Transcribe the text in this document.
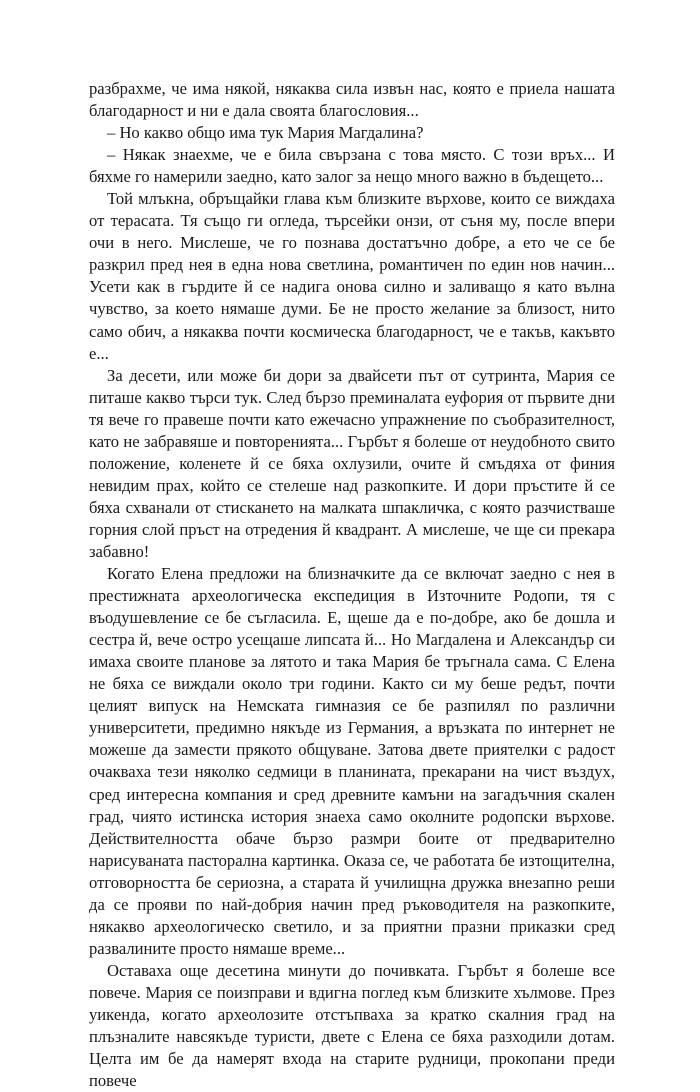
разбрахме, че има някой, някаква сила извън нас, която е приела нашата благодарност и ни е дала своята благословия...

– Но какво общо има тук Мария Магдалина?

– Някак знаехме, че е била свързана с това място. С този връх... И бяхме го намерили заедно, като залог за нещо много важно в бъдещето...

Той млъкна, обръщайки глава към близките върхове, които се виждаха от терасата. Тя също ги огледа, търсейки онзи, от съня му, после впери очи в него. Мислеше, че го познава достатъчно добре, а ето че се бе разкрил пред нея в една нова светлина, романтичен по един нов начин... Усети как в гърдите й се надига онова силно и заливащо я като вълна чувство, за което нямаше думи. Бе не просто желание за близост, нито само обич, а някаква почти космическа благодарност, че е такъв, какъвто е...

За десети, или може би дори за двайсети път от сутринта, Мария се питаше какво търси тук. След бързо преминалата еуфория от първите дни тя вече го правеше почти като ежечасно упражнение по съобразителност, като не забравяше и повторенията... Гърбът я болеше от неудобното свито положение, коленете й се бяха охлузили, очите й смъдяха от финия невидим прах, който се стелеше над разкопките. И дори пръстите й се бяха схванали от стискането на малката шпакличка, с която разчистваше горния слой пръст на отредения й квадрант. А мислеше, че ще си прекара забавно!

Когато Елена предложи на близначките да се включат заедно с нея в престижната археологическа експедиция в Източните Родопи, тя с въодушевление се бе съгласила. Е, щеше да е по-добре, ако бе дошла и сестра й, вече остро усещаше липсата й... Но Магдалена и Александър си имаха своите планове за лятото и така Мария бе тръгнала сама. С Елена не бяха се виждали около три години. Както си му беше редът, почти целият випуск на Немската гимназия се бе разпилял по различни университети, предимно някъде из Германия, а връзката по интернет не можеше да замести прякото общуване. Затова двете приятелки с радост очакваха тези няколко седмици в планината, прекарани на чист въздух, сред интересна компания и сред древните камъни на загадъчния скален град, чиято истинска история знаеха само околните родопски върхове. Действителността обаче бързо размри боите от предварително нарисуваната пасторална картинка. Оказа се, че работата бе изтощителна, отговорността бе сериозна, а старата й училищна дружка внезапно реши да се прояви по най-добрия начин пред ръководителя на разкопките, някакво археологическо светило, и за приятни празни приказки сред развалините просто нямаше време...

Оставаха още десетина минути до почивката. Гърбът я болеше все повече. Мария се поизправи и вдигна поглед към близките хълмове. През уикенда, когато археолозите отстъпваха за кратко скалния град на плъзналите навсякъде туристи, двете с Елена се бяха разходили дотам. Целта им бе да намерят входа на старите рудници, прокопани преди повече
